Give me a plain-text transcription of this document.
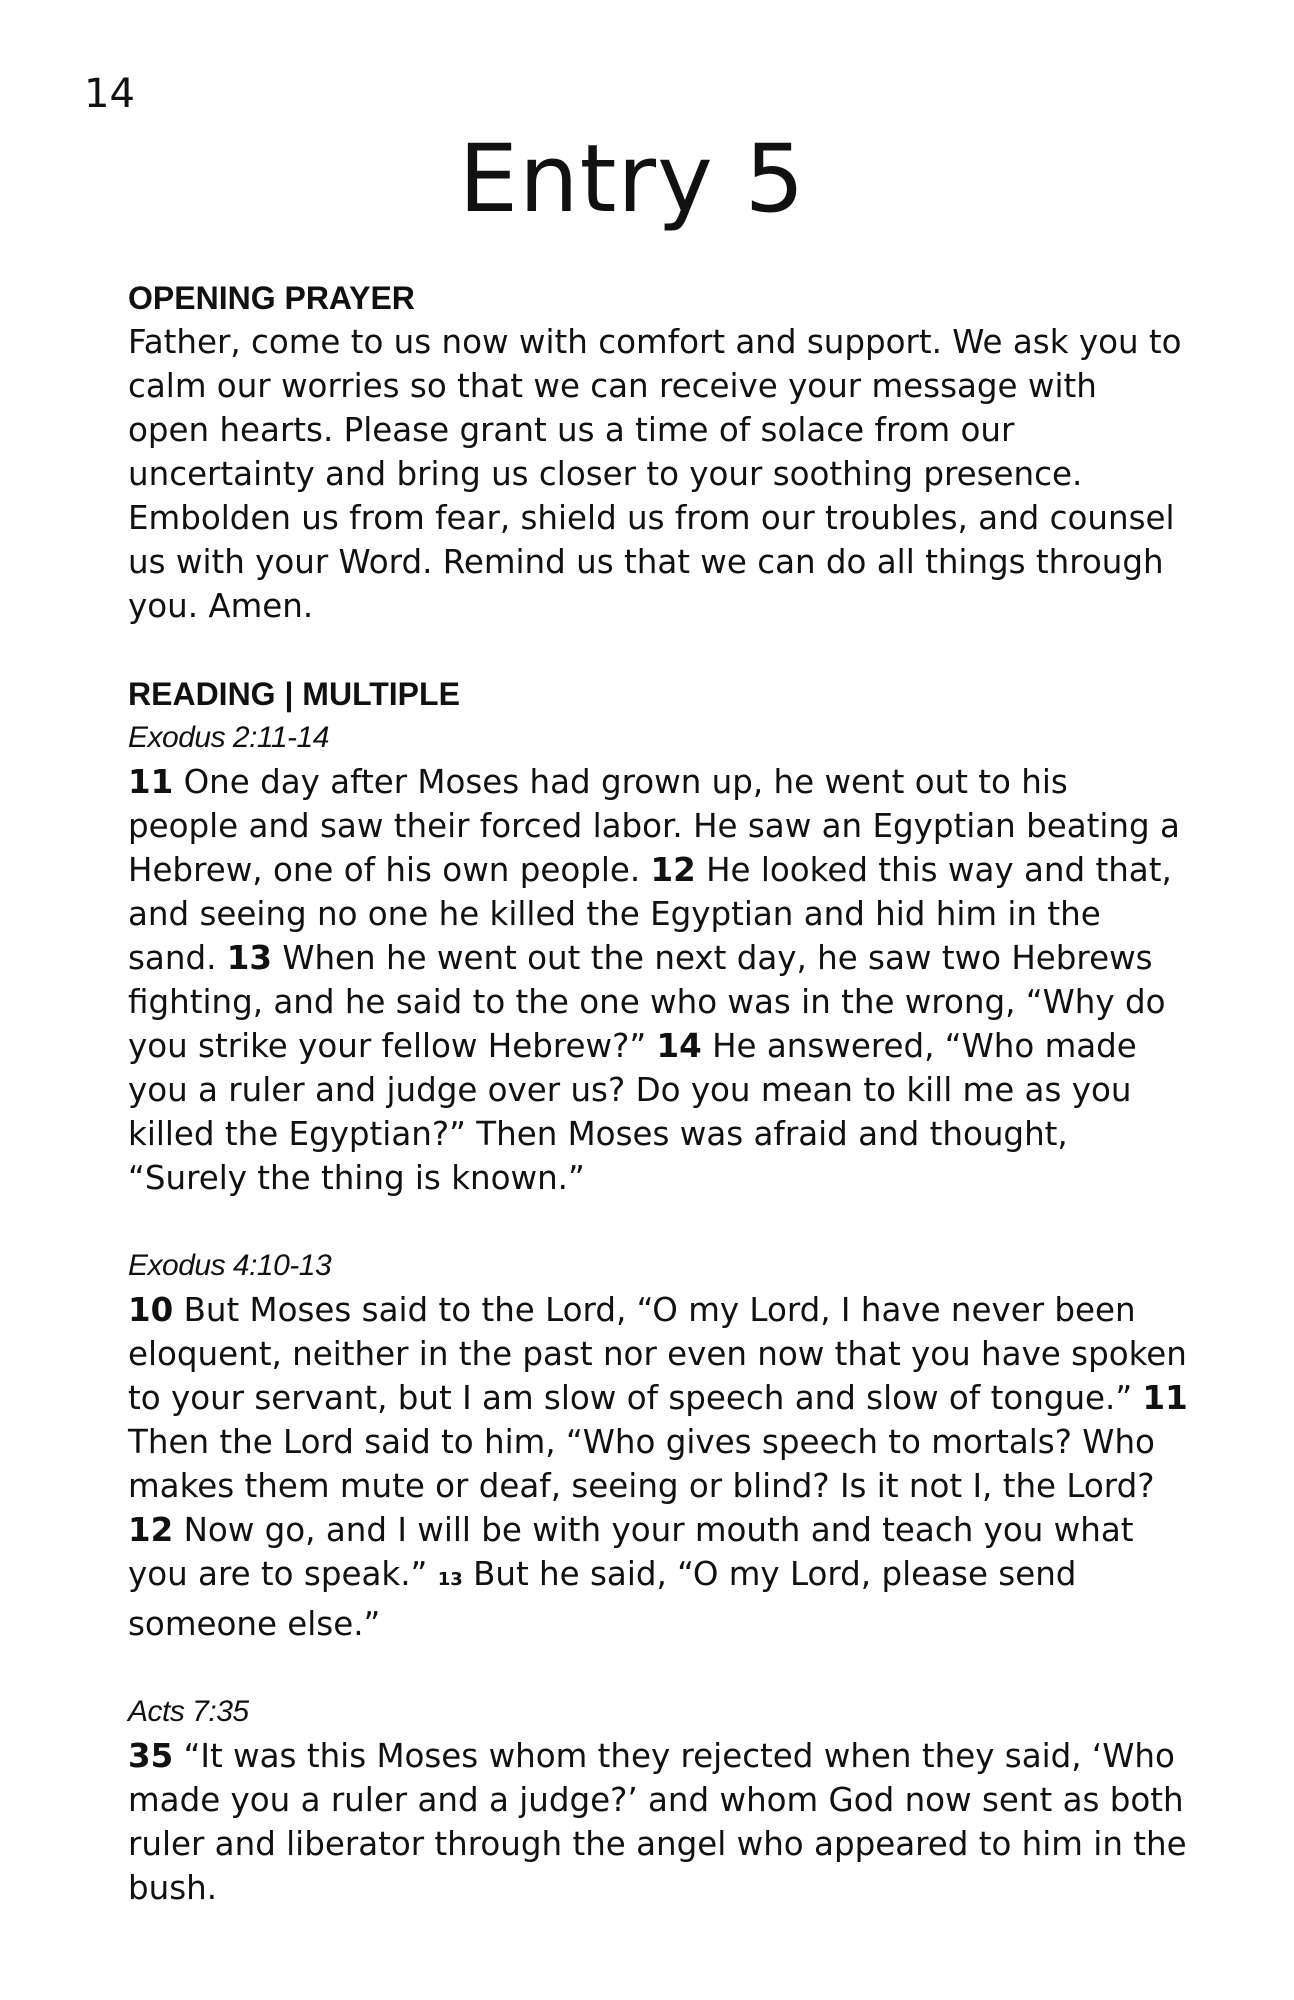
14
Entry 5
OPENING PRAYER

Father, come to us now with comfort and support. We ask you to calm our worries so that we can receive your message with open hearts. Please grant us a time of solace from our uncertainty and bring us closer to your soothing presence. Embolden us from fear, shield us from our troubles, and counsel us with your Word. Remind us that we can do all things through you. Amen.

READING | MULTIPLE

Exodus 2:11-14

11 One day after Moses had grown up, he went out to his people and saw their forced labor. He saw an Egyptian beating a Hebrew, one of his own people. 12 He looked this way and that, and seeing no one he killed the Egyptian and hid him in the sand. 13 When he went out the next day, he saw two Hebrews fighting, and he said to the one who was in the wrong, “Why do you strike your fellow Hebrew?” 14 He answered, “Who made you a ruler and judge over us? Do you mean to kill me as you killed the Egyptian?” Then Moses was afraid and thought, “Surely the thing is known.”

Exodus 4:10-13

10 But Moses said to the Lord, “O my Lord, I have never been eloquent, neither in the past nor even now that you have spoken to your servant, but I am slow of speech and slow of tongue.” 11 Then the Lord said to him, “Who gives speech to mortals? Who makes them mute or deaf, seeing or blind? Is it not I, the Lord? 12 Now go, and I will be with your mouth and teach you what you are to speak.” 13 But he said, “O my Lord, please send someone else.”

Acts 7:35

35 “It was this Moses whom they rejected when they said, ‘Who made you a ruler and a judge?’ and whom God now sent as both ruler and liberator through the angel who appeared to him in the bush.
